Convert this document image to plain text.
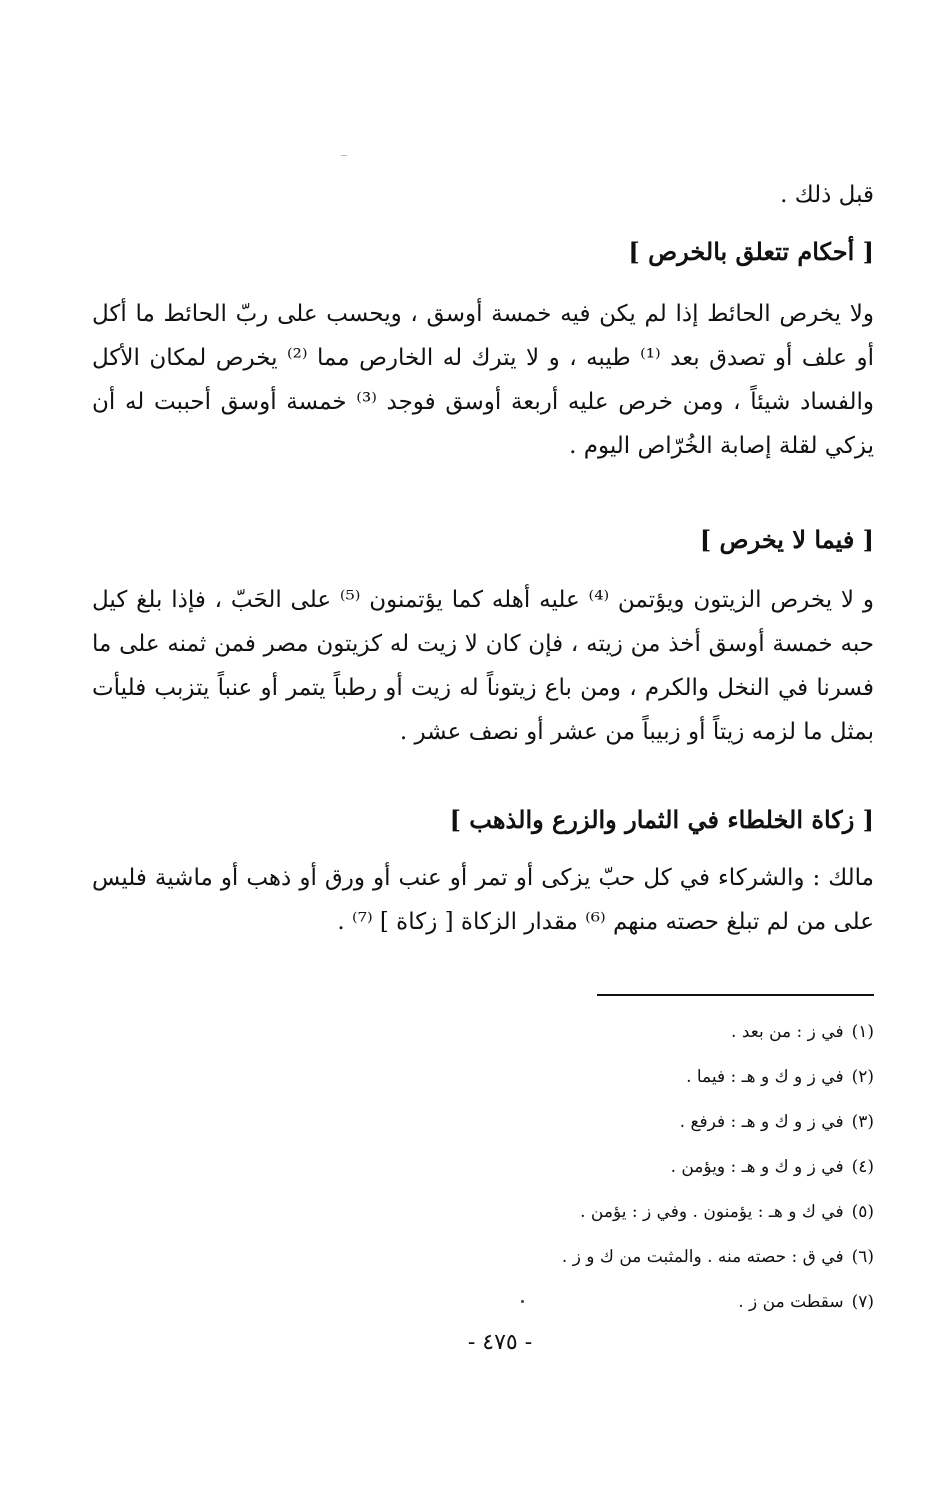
قبل ذلك .

[ أحكام تتعلق بالخرص ]

ولا يخرص الحائط إذا لم يكن فيه خمسة أوسق ، ويحسب على ربّ الحائط ما أكل أو علف أو تصدق بعد ⁽¹⁾ طيبه ، و لا يترك له الخارص مما ⁽²⁾ يخرص لمكان الأكل والفساد شيئاً ، ومن خرص عليه أربعة أوسق فوجد ⁽³⁾ خمسة أوسق أحببت له أن يزكي لقلة إصابة الخُرّاص اليوم .

[ فيما لا يخرص ]

و لا يخرص الزيتون ويؤتمن ⁽⁴⁾ عليه أهله كما يؤتمنون ⁽⁵⁾ على الحَبّ ، فإذا بلغ كيل حبه خمسة أوسق أخذ من زيته ، فإن كان لا زيت له كزيتون مصر فمن ثمنه على ما فسرنا في النخل والكرم ، ومن باع زيتوناً له زيت أو رطباً يتمر أو عنباً يتزبب فليأت بمثل ما لزمه زيتاً أو زبيباً من عشر أو نصف عشر .

[ زكاة الخلطاء في الثمار والزرع والذهب ]

مالك : والشركاء في كل حبّ يزكى أو تمر أو عنب أو ورق أو ذهب أو ماشية فليس على من لم تبلغ حصته منهم ⁽⁶⁾ مقدار الزكاة [ زكاة ] ⁽⁷⁾ .

(١)في ز : من بعد .
(٢)في ز و ك و هـ : فيما .
(٣)في ز و ك و هـ : فرفع .
(٤)في ز و ك و هـ : ويؤمن .
(٥)في ك و هـ : يؤمنون . وفي ز : يؤمن .
(٦)في ق : حصته منه . والمثبت من ك و ز .
(٧)سقطت من ز .
- ٤٧٥ -
